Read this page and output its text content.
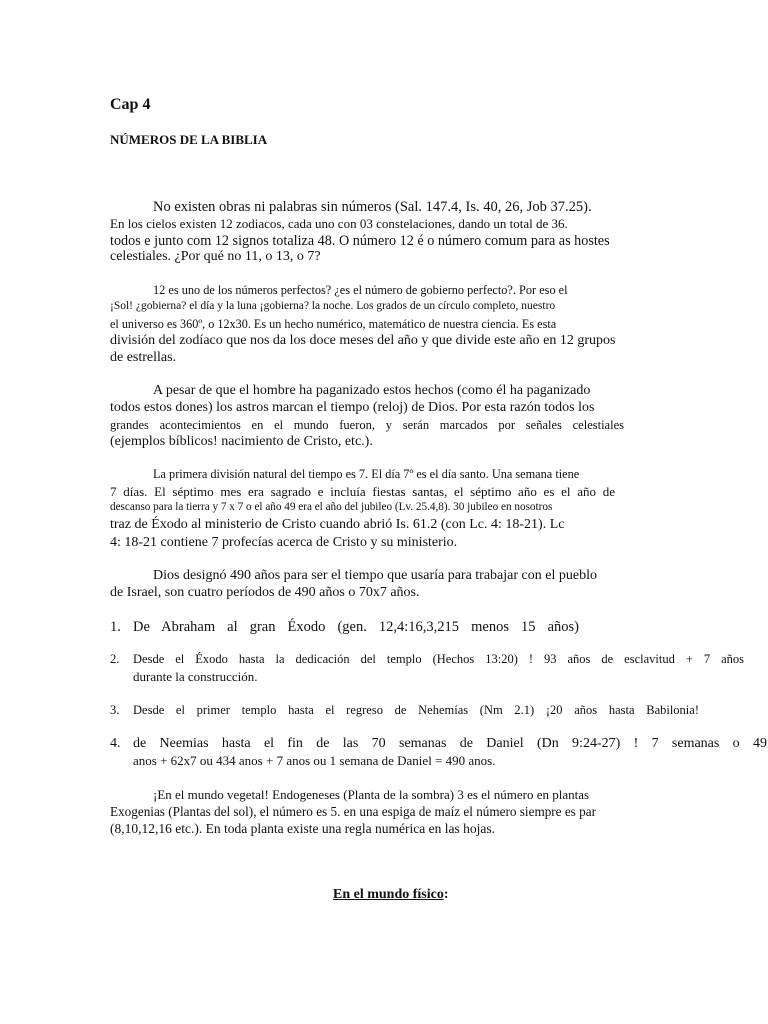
Cap 4
NÚMEROS DE LA BIBLIA
No existen obras ni palabras sin números (Sal. 147.4, Is. 40, 26, Job 37.25).
En los cielos existen 12 zodiacos, cada uno con 03 constelaciones, dando un total de 36.
todos e junto com 12 signos totaliza 48. O número 12 é o número comum para as hostes
celestiales. ¿Por qué no 11, o 13, o 7?
12 es uno de los números perfectos? ¿es el número de gobierno perfecto?. Por eso el
¡Sol! ¿gobierna? el día y la luna ¡gobierna? la noche. Los grados de un círculo completo, nuestro
el universo es 360º, o 12x30. Es un hecho numérico, matemático de nuestra ciencia. Es esta
división del zodíaco que nos da los doce meses del año y que divide este año en 12 grupos
de estrellas.
A pesar de que el hombre ha paganizado estos hechos (como él ha paganizado
todos estos dones) los astros marcan el tiempo (reloj) de Dios. Por esta razón todos los
grandes acontecimientos en el mundo fueron, y serán marcados por señales celestiales
(ejemplos bíblicos! nacimiento de Cristo, etc.).
La primera división natural del tiempo es 7. El día 7º es el día santo. Una semana tiene
7 días. El séptimo mes era sagrado e incluía fiestas santas, el séptimo año es el año de
descanso para la tierra y 7 x 7 o el año 49 era el año del jubileo (Lv. 25.4,8). 30 jubileo en nosotros
traz de Éxodo al ministerio de Cristo cuando abrió Is. 61.2 (con Lc. 4: 18-21). Lc
4: 18-21 contiene 7 profecías acerca de Cristo y su ministerio.
Dios designó 490 años para ser el tiempo que usaría para trabajar con el pueblo
de Israel, son cuatro períodos de 490 años o 70x7 años.
1. De Abraham al gran Éxodo (gen. 12,4:16,3,215 menos 15 años)
2. Desde el Éxodo hasta la dedicación del templo (Hechos 13:20) ! 93 años de esclavitud + 7 años
durante la construcción.
3. Desde el primer templo hasta el regreso de Nehemías (Nm 2.1) ¡20 años hasta Babilonia!
4. de Neemias hasta el fin de las 70 semanas de Daniel (Dn 9:24-27) ! 7 semanas o 49
anos + 62x7 ou 434 anos + 7 anos ou 1 semana de Daniel = 490 anos.
¡En el mundo vegetal! Endogeneses (Planta de la sombra) 3 es el número en plantas
Exogenias (Plantas del sol), el número es 5. en una espiga de maíz el número siempre es par
(8,10,12,16 etc.). En toda planta existe una regla numérica en las hojas.
En el mundo físico:
